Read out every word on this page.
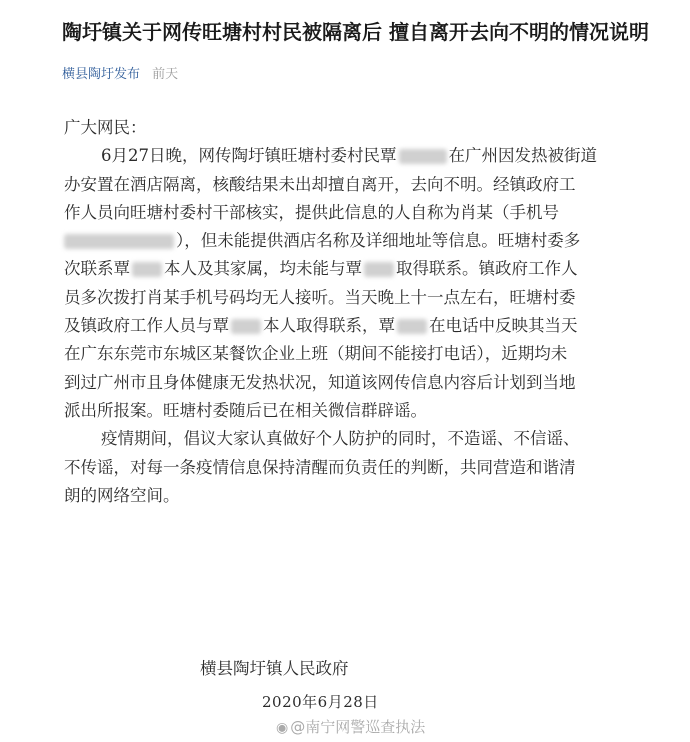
陶圩镇关于网传旺塘村村民被隔离后 擅自离开去向不明的情况说明
横县陶圩发布 前天
广大网民：
6月27日晚，网传陶圩镇旺塘村委村民覃	在广州因发热被街道
办安置在酒店隔离，核酸结果未出却擅自离开，去向不明。经镇政府工
作人员向旺塘村委村干部核实，提供此信息的人自称为肖某（手机号
），但未能提供酒店名称及详细地址等信息。旺塘村委多
次联系覃 本人及其家属，均未能与覃 取得联系。镇政府工作人
员多次拨打肖某手机号码均无人接听。当天晚上十一点左右，旺塘村委
及镇政府工作人员与覃 本人取得联系，覃 在电话中反映其当天
在广东东莞市东城区某餐饮企业上班（期间不能接打电话），近期均未
到过广州市且身体健康无发热状况，知道该网传信息内容后计划到当地
派出所报案。旺塘村委随后已在相关微信群辟谣。
疫情期间，倡议大家认真做好个人防护的同时，不造谣、不信谣、
不传谣，对每一条疫情信息保持清醒而负责任的判断，共同营造和谐清
朗的网络空间。
横县陶圩镇人民政府
2020年6月28日
◉ @南宁网警巡查执法
